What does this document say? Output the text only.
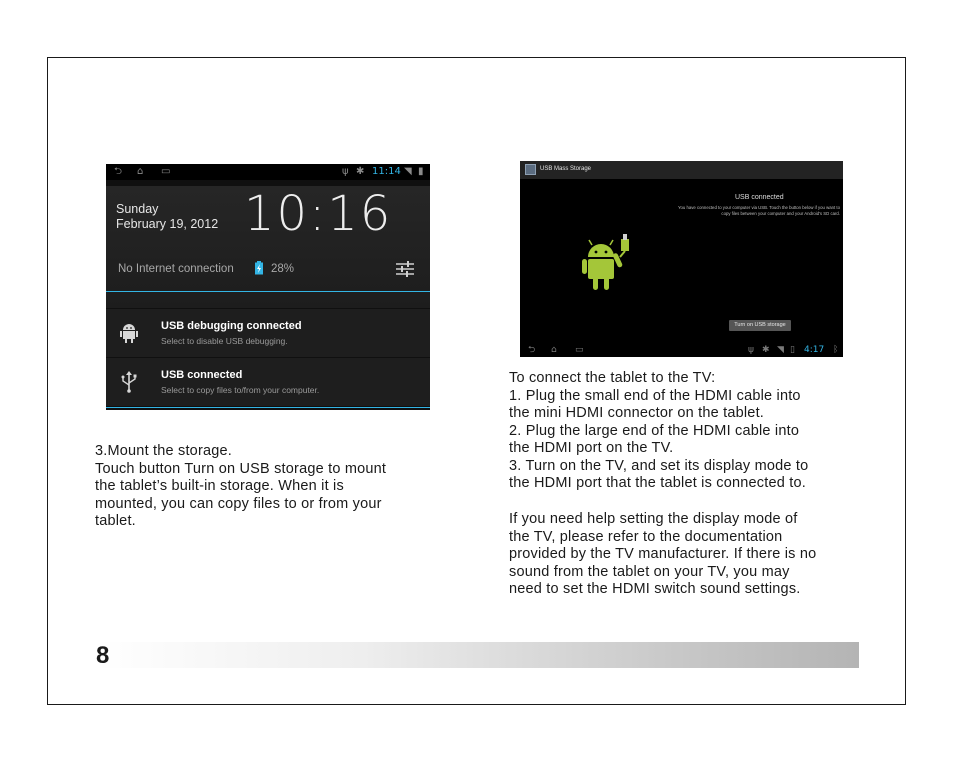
⮌ ⌂ ▭	ψ ✱ 11:14 ◥ ▮
Sunday
February 19, 2012 10:16
No Internet connection	28%
USB debugging connected
Select to disable USB debugging.
USB connected
Select to copy files to/from your computer.
USB Mass Storage
USB connected
You have connected to your computer via USB. Touch the button below if you want to copy files between your computer and your Android's SD card.
Turn on USB storage
⮌ ⌂ ▭	ψ ✱ ◥ ▯ 4:17 ᛒ
3.Mount the storage.
Touch button Turn on USB storage to mount
the tablet’s built-in storage. When it is
mounted, you can copy files to or from your
tablet.
To connect the tablet to the TV:
1. Plug the small end of the HDMI cable into
the mini HDMI connector on the tablet.
2. Plug the large end of the HDMI cable into
the HDMI port on the TV.
3. Turn on the TV, and set its display mode to
the HDMI port that the tablet is connected to.
If you need help setting the display mode of
the TV, please refer to the documentation
provided by the TV manufacturer. If there is no
sound from the tablet on your TV, you may
need to set the HDMI switch sound settings.
8
